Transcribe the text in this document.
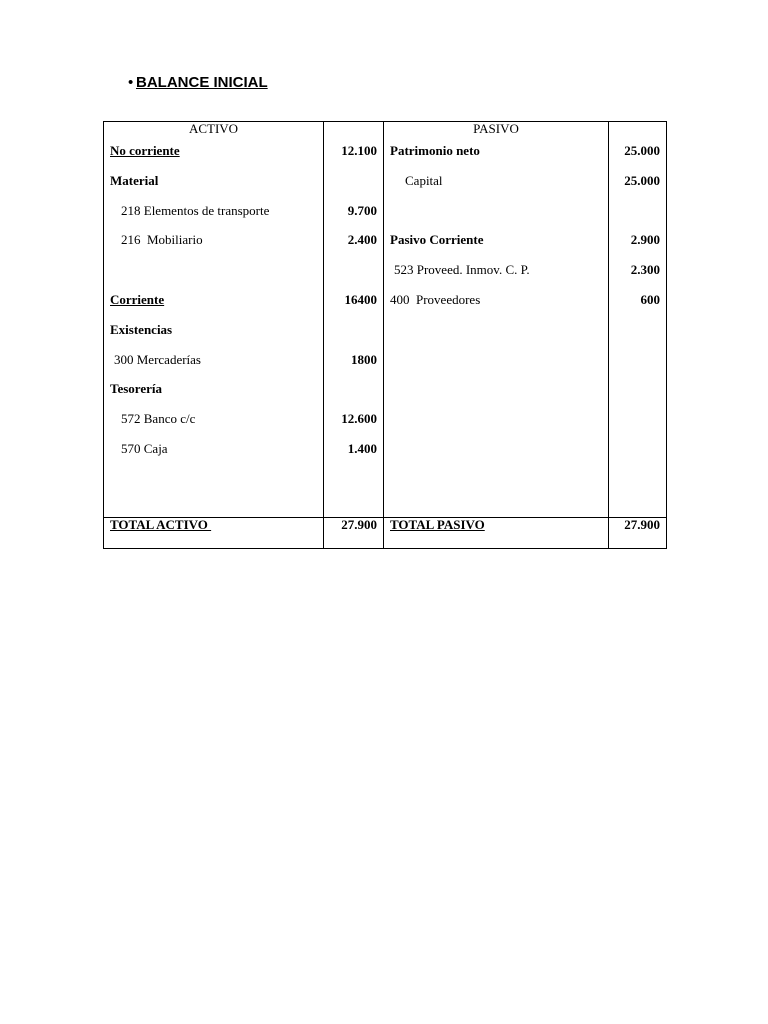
• BALANCE INICIAL
ACTIVO		PASIVO	
No corriente	12.100	Patrimonio neto	25.000
Material		Capital	25.000
218 Elementos de transporte	9.700		
216  Mobiliario	2.400	Pasivo Corriente	2.900
		523 Proveed. Inmov. C. P.	2.300
Corriente	16400	400  Proveedores	600
Existencias			
300 Mercaderías	1800		
Tesorería			
572 Banco c/c	12.600		
570 Caja	1.400		

TOTAL ACTIVO	27.900	TOTAL PASIVO	27.900
